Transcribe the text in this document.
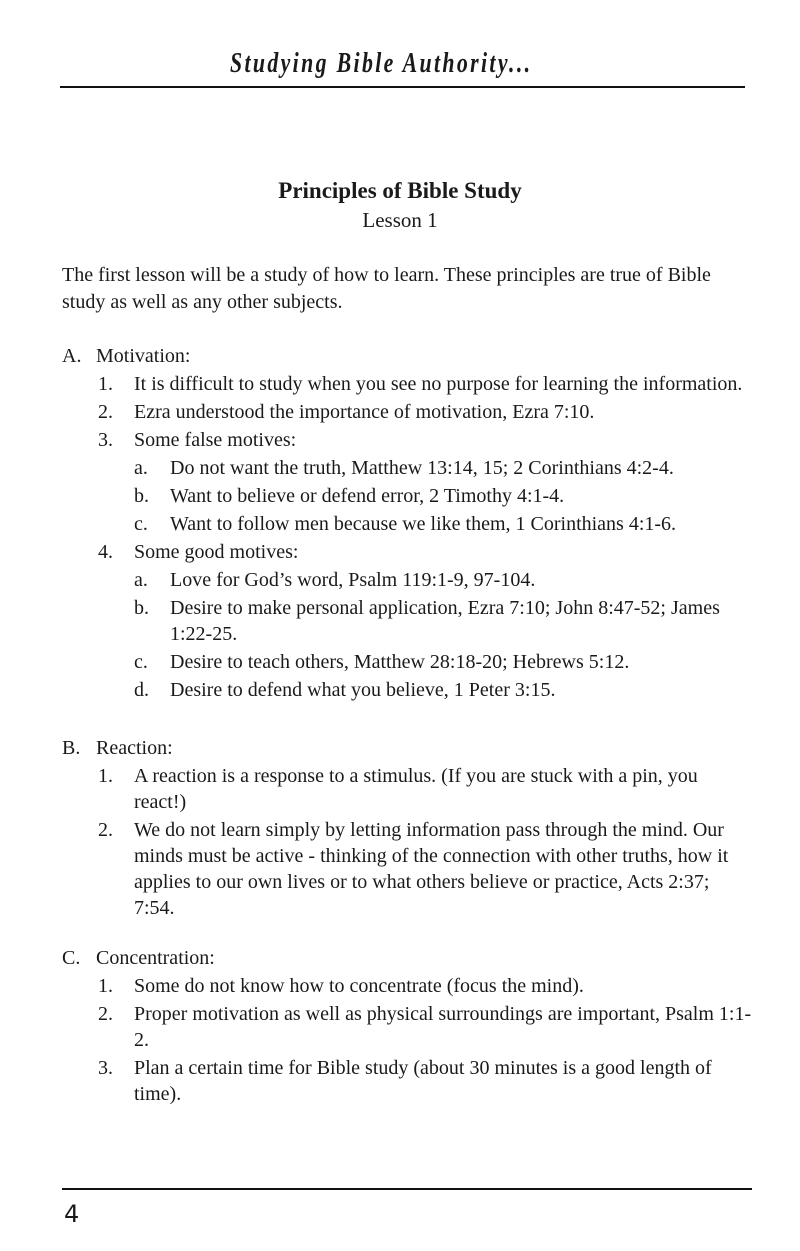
Studying Bible Authority...
Principles of Bible Study
Lesson 1
The first lesson will be a study of how to learn. These principles are true of Bible study as well as any other subjects.
A. Motivation:
1.	It is difficult to study when you see no purpose for learning the information.
2.	Ezra understood the importance of motivation, Ezra 7:10.
3.	Some false motives:
a.	Do not want the truth, Matthew 13:14, 15; 2 Corinthians 4:2-4.
b.	Want to believe or defend error, 2 Timothy 4:1-4.
c.	Want to follow men because we like them, 1 Corinthians 4:1-6.
4.	Some good motives:
a.	Love for God’s word, Psalm 119:1-9, 97-104.
b.	Desire to make personal application, Ezra 7:10; John 8:47-52; James 1:22-25.
c.	Desire to teach others, Matthew 28:18-20; Hebrews 5:12.
d.	Desire to defend what you believe, 1 Peter 3:15.
B. Reaction:
1.	A reaction is a response to a stimulus. (If you are stuck with a pin, you react!)
2.	We do not learn simply by letting information pass through the mind. Our minds must be active - thinking of the connection with other truths, how it applies to our own lives or to what others believe or practice, Acts 2:37; 7:54.
C. Concentration:
1.	Some do not know how to concentrate (focus the mind).
2.	Proper motivation as well as physical surroundings are important, Psalm 1:1-2.
3.	Plan a certain time for Bible study (about 30 minutes is a good length of time).
4
